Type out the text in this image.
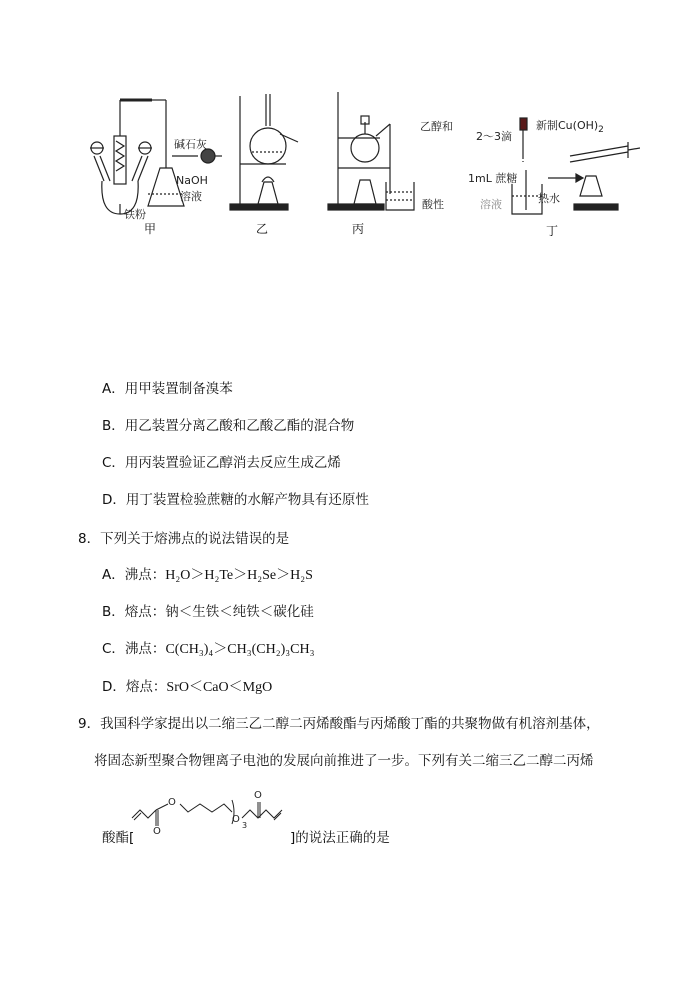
碱石灰
NaOH
溶液
铁粉
乙醇和
酸性
2～3滴
新制$Cu(OH)_2$
1mL 蔗糖
溶液	热水
甲	乙	丙	丁
A．用甲装置制备溴苯
B．用乙装置分离乙酸和乙酸乙酯的混合物
C．用丙装置验证乙醇消去反应生成乙烯
D．用丁装置检验蔗糖的水解产物具有还原性
8．下列关于熔沸点的说法错误的是
A．沸点：H₂O＞H₂Te＞H₂Se＞H₂S
B．熔点：钠＜生铁＜纯铁＜碳化硅
C．沸点：C(CH₃)₄＞CH₃(CH₂)₃CH₃
D．熔点：SrO＜CaO＜MgO
9．我国科学家提出以二缩三乙二醇二丙烯酸酯与丙烯酸丁酯的共聚物做有机溶剂基体，
将固态新型聚合物锂离子电池的发展向前推进了一步。下列有关二缩三乙二醇二丙烯
O
O
O
3
O
酸酯[	]的说法正确的是
